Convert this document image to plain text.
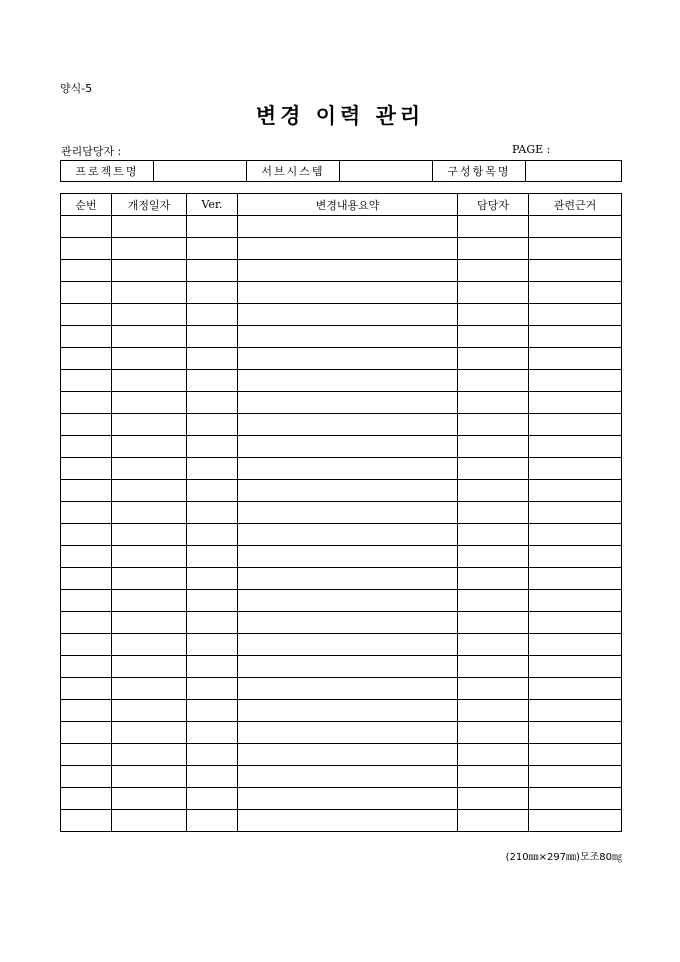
양식-5
변경 이력 관리
관리담당자 :	PAGE :
프로젝트명		서브시스템		구성항목명	
순번	개정일자	Ver.	변경내용요약	담당자	관련근거

(210㎜×297㎜)모조80㎎
